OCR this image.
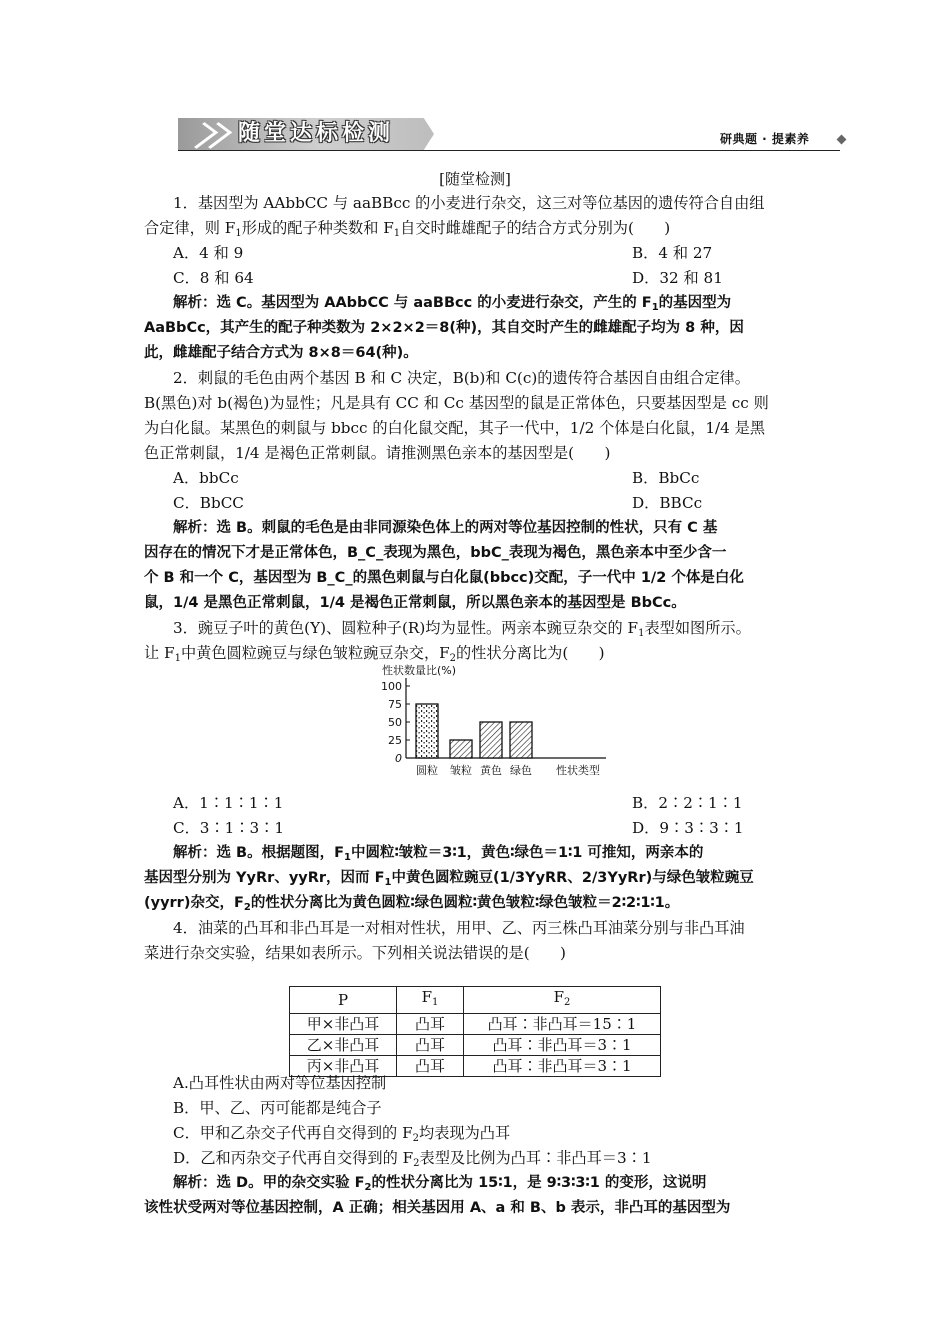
随堂达标检测	研典题 · 提素养
[随堂检测]
1．基因型为 AAbbCC 与 aaBBcc 的小麦进行杂交，这三对等位基因的遗传符合自由组
合定律，则 $F_1$形成的配子种类数和 $F_1$自交时雌雄配子的结合方式分别为(　　)
A．4 和 9	B．4 和 27
C．8 和 64	D．32 和 81
解析：选 C。基因型为 AAbbCC 与 aaBBcc 的小麦进行杂交，产生的 $F_1$的基因型为
AaBbCc，其产生的配子种类数为 2×2×2＝8(种)，其自交时产生的雌雄配子均为 8 种，因
此，雌雄配子结合方式为 8×8＝64(种)。
2．刺鼠的毛色由两个基因 B 和 C 决定，B(b)和 C(c)的遗传符合基因自由组合定律。
B(黑色)对 b(褐色)为显性；凡是具有 CC 和 Cc 基因型的鼠是正常体色，只要基因型是 cc 则
为白化鼠。某黑色的刺鼠与 bbcc 的白化鼠交配，其子一代中，1/2 个体是白化鼠，1/4 是黑
色正常刺鼠，1/4 是褐色正常刺鼠。请推测黑色亲本的基因型是(　　)
A．bbCc	B．BbCc
C．BbCC	D．BBCc
解析：选 B。刺鼠的毛色是由非同源染色体上的两对等位基因控制的性状，只有 C 基
因存在的情况下才是正常体色，B_C_表现为黑色，bbC_表现为褐色，黑色亲本中至少含一
个 B 和一个 C，基因型为 B_C_的黑色刺鼠与白化鼠(bbcc)交配，子一代中 1/2 个体是白化
鼠，1/4 是黑色正常刺鼠，1/4 是褐色正常刺鼠，所以黑色亲本的基因型是 BbCc。
3．豌豆子叶的黄色(Y)、圆粒种子(R)均为显性。两亲本豌豆杂交的 $F_1$表型如图所示。
让 $F_1$中黄色圆粒豌豆与绿色皱粒豌豆杂交，$F_2$的性状分离比为(　　)
性状数量比(%)
100
75
50
25
0
圆粒 皱粒 黄色 绿色 性状类型
A．1∶1∶1∶1	B．2∶2∶1∶1
C．3∶1∶3∶1	D．9∶3∶3∶1
解析：选 B。根据题图，$F_1$中圆粒∶皱粒＝3∶1，黄色∶绿色＝1∶1 可推知，两亲本的
基因型分别为 YyRr、yyRr，因而 $F_1$中黄色圆粒豌豆(1/3YyRR、2/3YyRr)与绿色皱粒豌豆
(yyrr)杂交，$F_2$的性状分离比为黄色圆粒∶绿色圆粒∶黄色皱粒∶绿色皱粒＝2∶2∶1∶1。
4．油菜的凸耳和非凸耳是一对相对性状，用甲、乙、丙三株凸耳油菜分别与非凸耳油
菜进行杂交实验，结果如表所示。下列相关说法错误的是(　　)
P	$F_1$	$F_2$
甲×非凸耳	凸耳	凸耳∶非凸耳＝15∶1
乙×非凸耳	凸耳	凸耳∶非凸耳＝3∶1
丙×非凸耳	凸耳	凸耳∶非凸耳＝3∶1
A.凸耳性状由两对等位基因控制
B．甲、乙、丙可能都是纯合子
C．甲和乙杂交子代再自交得到的 $F_2$均表现为凸耳
D．乙和丙杂交子代再自交得到的 $F_2$表型及比例为凸耳∶非凸耳＝3∶1
解析：选 D。甲的杂交实验 $F_2$的性状分离比为 15∶1，是 9∶3∶3∶1 的变形，这说明
该性状受两对等位基因控制，A 正确；相关基因用 A、a 和 B、b 表示，非凸耳的基因型为
